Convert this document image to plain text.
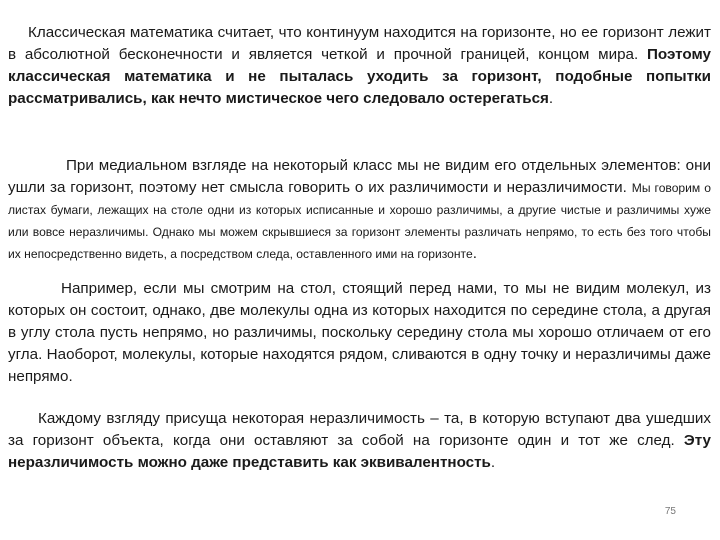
Классическая математика считает, что континуум находится на горизонте, но ее горизонт лежит в абсолютной бесконечности и является четкой и прочной границей, концом мира. Поэтому классическая математика и не пыталась уходить за горизонт, подобные попытки рассматривались, как нечто мистическое чего следовало остерегаться.

При медиальном взгляде на некоторый класс мы не видим его отдельных элементов: они ушли за горизонт, поэтому нет смысла говорить о их различимости и неразличимости. Мы говорим о листах бумаги, лежащих на столе одни из которых исписанные и хорошо различимы, а другие чистые и различимы хуже или вовсе неразличимы. Однако мы можем скрывшиеся за горизонт элементы различать непрямо, то есть без того чтобы их непосредственно видеть, а посредством следа, оставленного ими на горизонте.

Например, если мы смотрим на стол, стоящий перед нами, то мы не видим молекул, из которых он состоит, однако, две молекулы одна из которых находится по середине стола, а другая в углу стола пусть непрямо, но различимы, поскольку середину стола мы хорошо отличаем от его угла. Наоборот, молекулы, которые находятся рядом, сливаются в одну точку и неразличимы даже непрямо.

Каждому взгляду присуща некоторая неразличимость – та, в которую вступают два ушедших за горизонт объекта, когда они оставляют за собой на горизонте один и тот же след. Эту неразличимость можно даже представить как эквивалентность.

75
